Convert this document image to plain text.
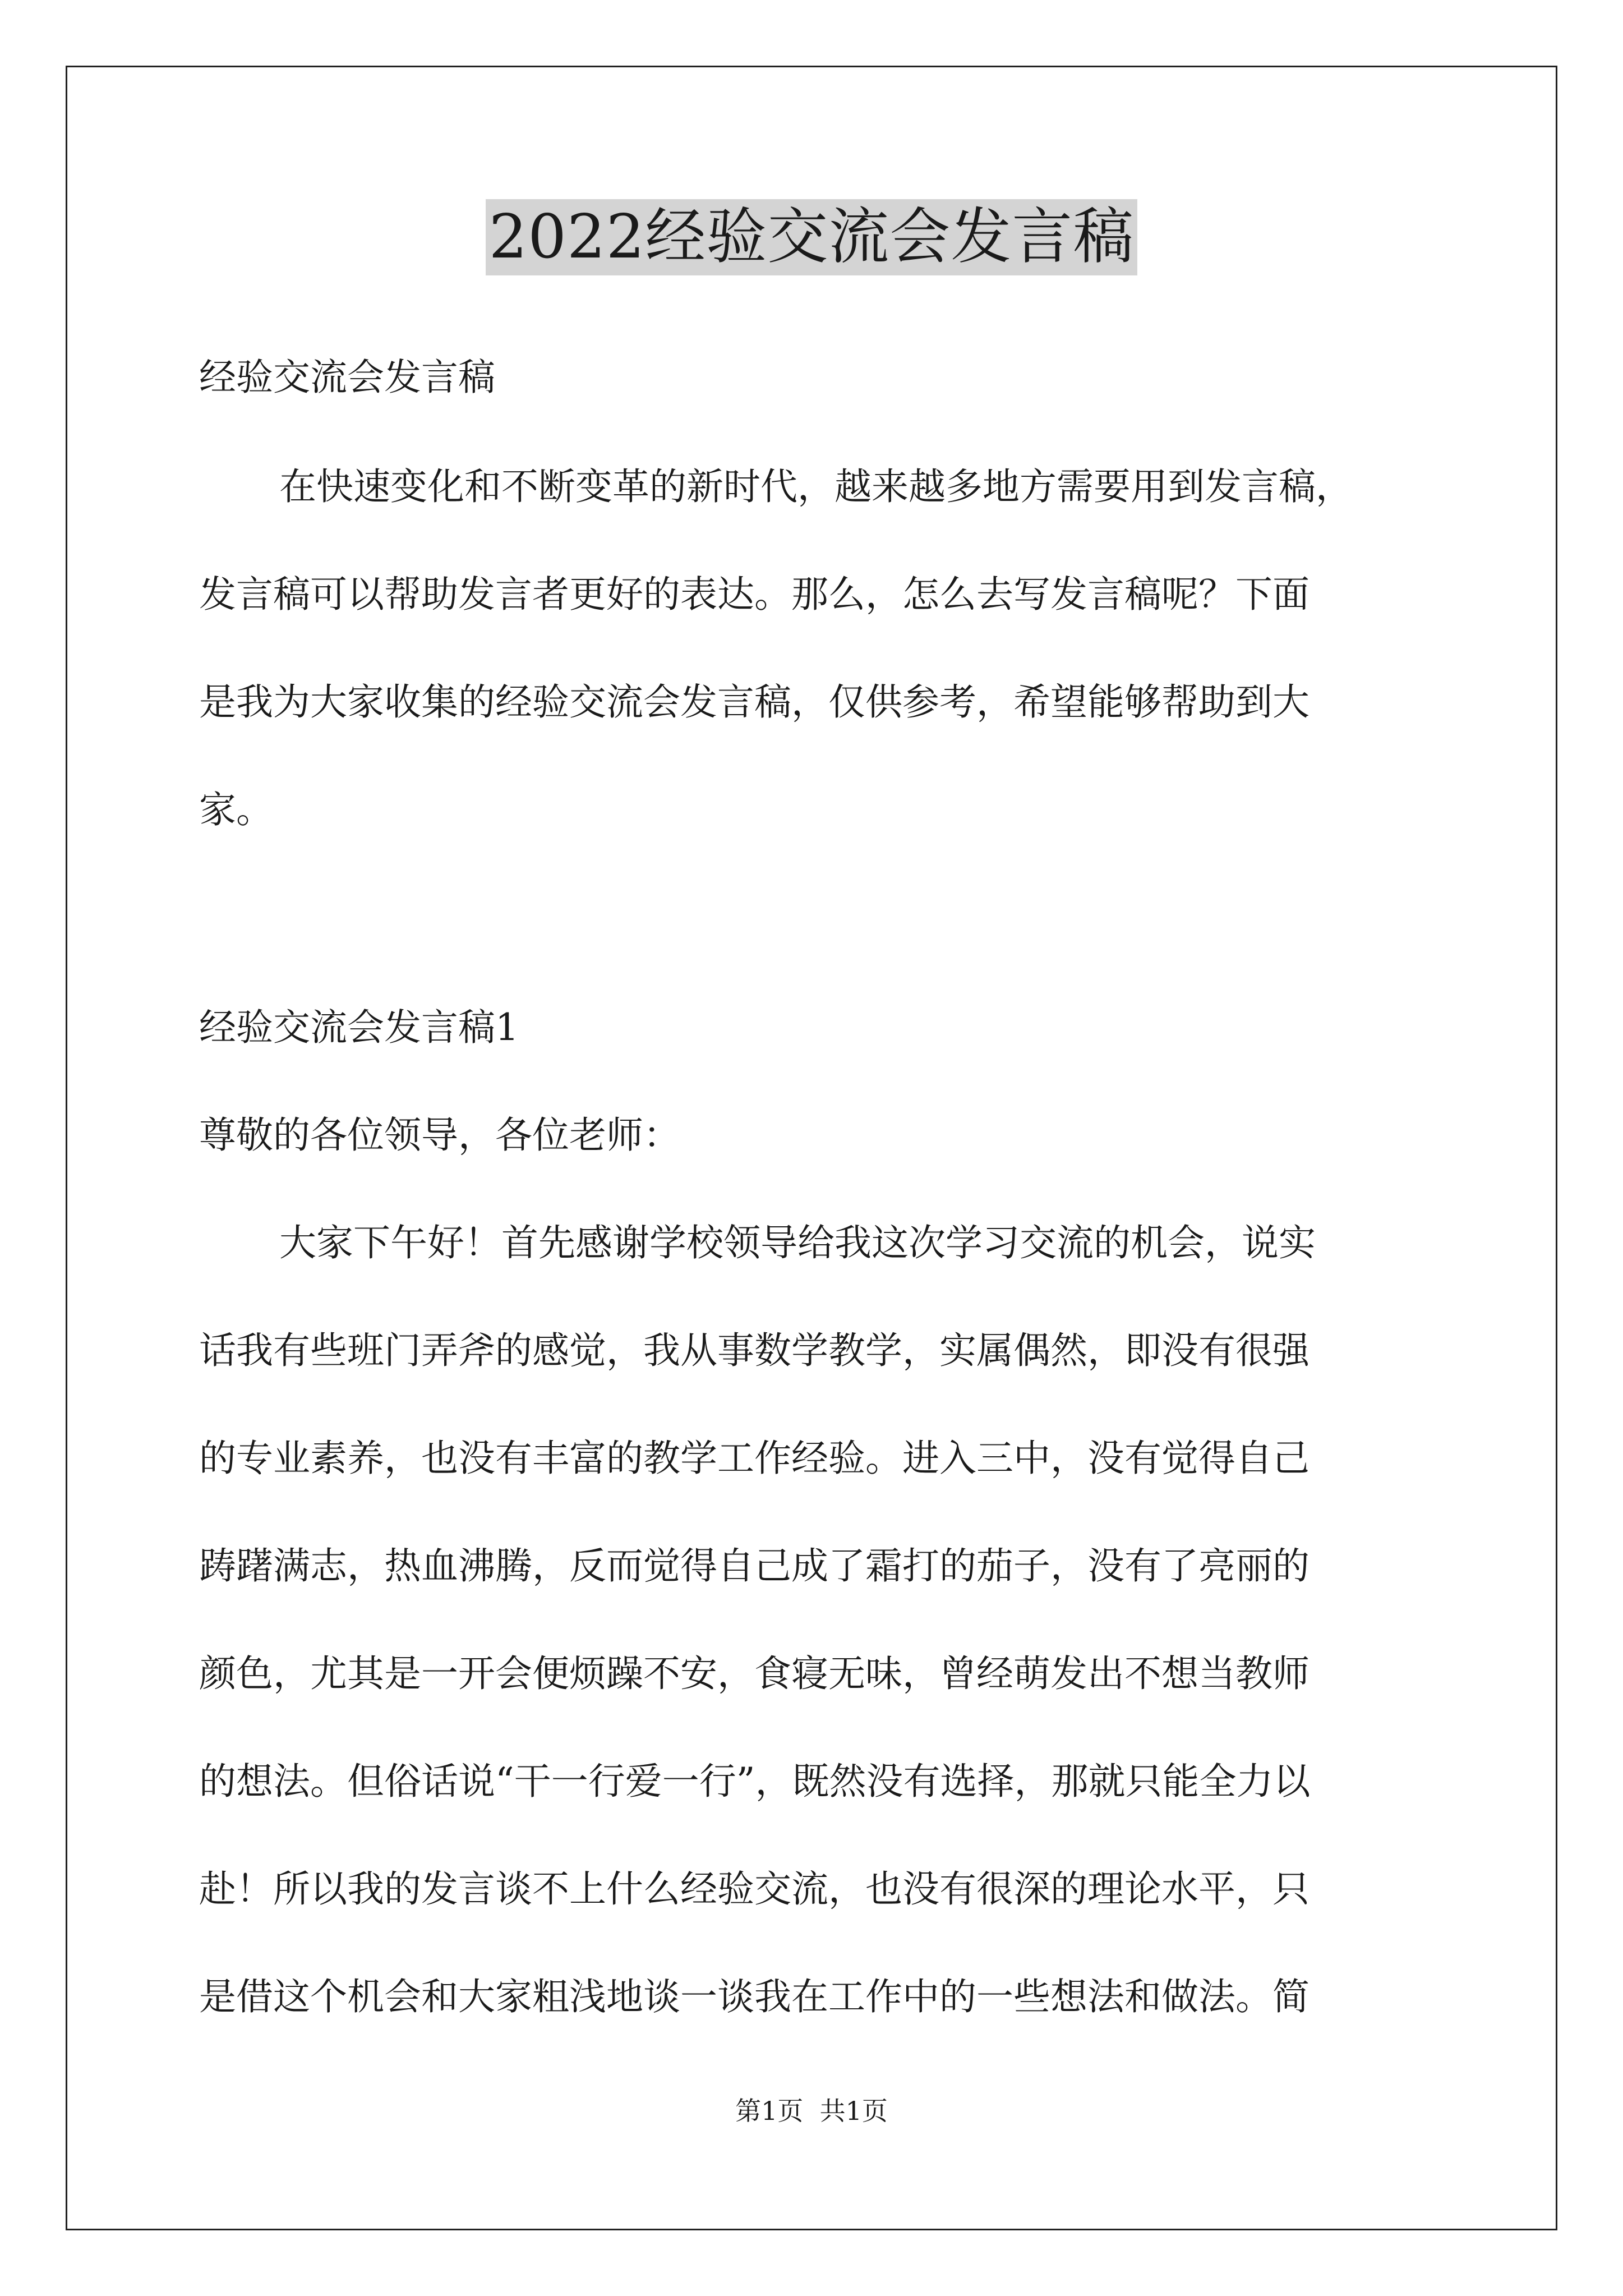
2022经验交流会发言稿
经验交流会发言稿
在快速变化和不断变革的新时代，越来越多地方需要用到发言稿，
发言稿可以帮助发言者更好的表达。那么，怎么去写发言稿呢？下面
是我为大家收集的经验交流会发言稿，仅供参考，希望能够帮助到大
家。
经验交流会发言稿1
尊敬的各位领导，各位老师：
大家下午好！首先感谢学校领导给我这次学习交流的机会，说实
话我有些班门弄斧的感觉，我从事数学教学，实属偶然，即没有很强
的专业素养，也没有丰富的教学工作经验。进入三中，没有觉得自己
踌躇满志，热血沸腾，反而觉得自己成了霜打的茄子，没有了亮丽的
颜色，尤其是一开会便烦躁不安，食寝无味，曾经萌发出不想当教师
的想法。但俗话说“干一行爱一行”，既然没有选择，那就只能全力以
赴！所以我的发言谈不上什么经验交流，也没有很深的理论水平，只
是借这个机会和大家粗浅地谈一谈我在工作中的一些想法和做法。简
第1页  共1页
